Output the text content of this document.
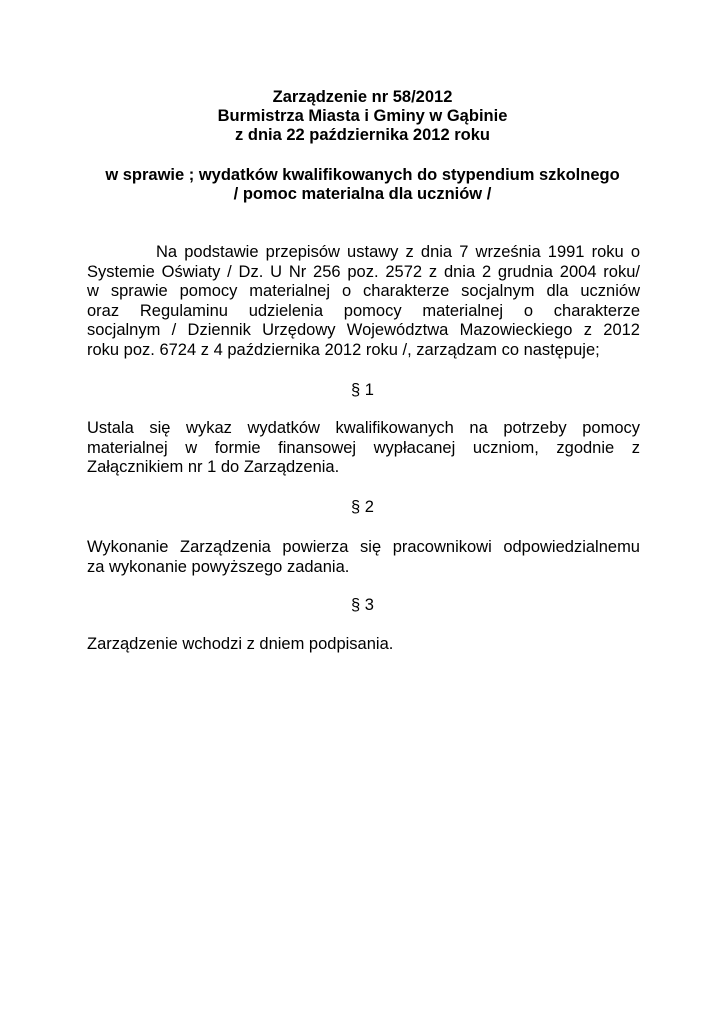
Zarządzenie nr 58/2012
Burmistrza Miasta i Gminy w Gąbinie
z dnia 22 października 2012 roku
w sprawie ; wydatków kwalifikowanych do stypendium szkolnego
/ pomoc materialna dla uczniów /
Na podstawie przepisów ustawy z dnia 7 września 1991 roku o
Systemie Oświaty / Dz. U Nr 256 poz. 2572 z dnia 2 grudnia 2004 roku/
w sprawie pomocy materialnej o charakterze socjalnym dla uczniów
oraz Regulaminu udzielenia pomocy materialnej o charakterze
socjalnym / Dziennik Urzędowy Województwa Mazowieckiego z 2012
roku poz. 6724 z 4 października 2012 roku /, zarządzam co następuje;
§ 1
Ustala się wykaz wydatków kwalifikowanych na potrzeby pomocy
materialnej w formie finansowej wypłacanej uczniom, zgodnie z
Załącznikiem nr 1 do Zarządzenia.
§ 2
Wykonanie Zarządzenia powierza się pracownikowi odpowiedzialnemu
za wykonanie powyższego zadania.
§ 3
Zarządzenie wchodzi z dniem podpisania.
